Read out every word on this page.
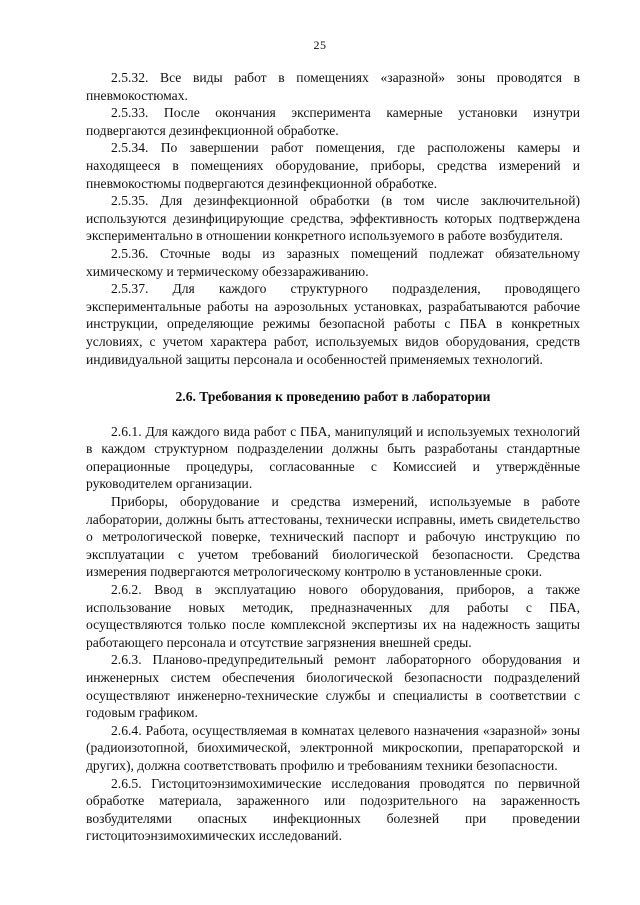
25

2.5.32. Все виды работ в помещениях «заразной» зоны проводятся в пневмокостюмах.

2.5.33. После окончания эксперимента камерные установки изнутри подвергаются дезинфекционной обработке.

2.5.34. По завершении работ помещения, где расположены камеры и находящееся в помещениях оборудование, приборы, средства измерений и пневмокостюмы подвергаются дезинфекционной обработке.

2.5.35. Для дезинфекционной обработки (в том числе заключительной) используются дезинфицирующие средства, эффективность которых подтверждена экспериментально в отношении конкретного используемого в работе возбудителя.

2.5.36. Сточные воды из заразных помещений подлежат обязательному химическому и термическому обеззараживанию.

2.5.37. Для каждого структурного подразделения, проводящего экспериментальные работы на аэрозольных установках, разрабатываются рабочие инструкции, определяющие режимы безопасной работы с ПБА в конкретных условиях, с учетом характера работ, используемых видов оборудования, средств индивидуальной защиты персонала и особенностей применяемых технологий.

2.6. Требования к проведению работ в лаборатории

2.6.1. Для каждого вида работ с ПБА, манипуляций и используемых технологий в каждом структурном подразделении должны быть разработаны стандартные операционные процедуры, согласованные с Комиссией и утверждённые руководителем организации.

Приборы, оборудование и средства измерений, используемые в работе лаборатории, должны быть аттестованы, технически исправны, иметь свидетельство о метрологической поверке, технический паспорт и рабочую инструкцию по эксплуатации с учетом требований биологической безопасности. Средства измерения подвергаются метрологическому контролю в установленные сроки.

2.6.2. Ввод в эксплуатацию нового оборудования, приборов, а также использование новых методик, предназначенных для работы с ПБА, осуществляются только после комплексной экспертизы их на надежность защиты работающего персонала и отсутствие загрязнения внешней среды.

2.6.3. Планово-предупредительный ремонт лабораторного оборудования и инженерных систем обеспечения биологической безопасности подразделений осуществляют инженерно-технические службы и специалисты в соответствии с годовым графиком.

2.6.4. Работа, осуществляемая в комнатах целевого назначения «заразной» зоны (радиоизотопной, биохимической, электронной микроскопии, препараторской и других), должна соответствовать профилю и требованиям техники безопасности.

2.6.5. Гистоцитоэнзимохимические исследования проводятся по первичной обработке материала, зараженного или подозрительного на зараженность возбудителями опасных инфекционных болезней при проведении гистоцитоэнзимохимических исследований.
